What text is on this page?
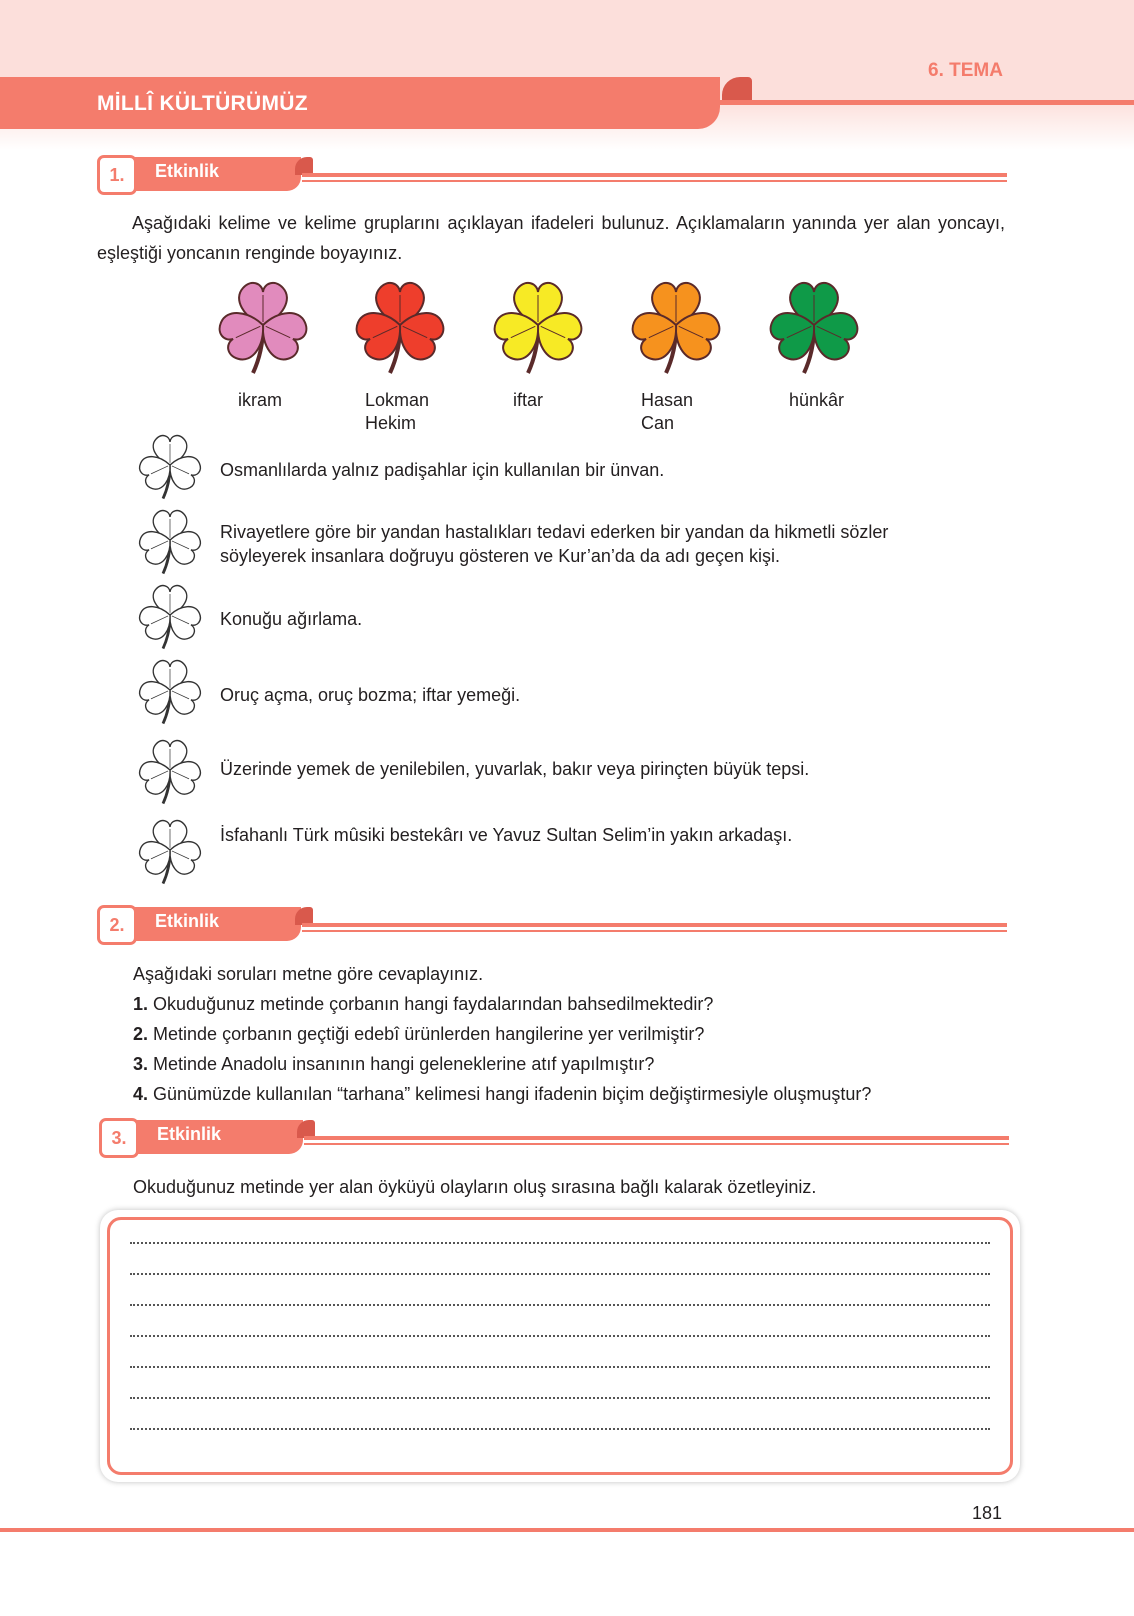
MİLLÎ KÜLTÜRÜMÜZ
6. TEMA
1.	Etkinlik
Aşağıdaki kelime ve kelime gruplarını açıklayan ifadeleri bulunuz. Açıklamaların yanında yer alan yoncayı, eşleştiği yoncanın renginde boyayınız.
2.	Etkinlik
Aşağıdaki soruları metne göre cevaplayınız.
3.	Etkinlik
Okuduğunuz metinde yer alan öyküyü olayların oluş sırasına bağlı kalarak özetleyiniz.
181
ikram	Lokman
Hekim
iftar	Hasan
Can
hünkâr
Osmanlılarda yalnız padişahlar için kullanılan bir ünvan.
Rivayetlere göre bir yandan hastalıkları tedavi ederken bir yandan da hikmetli sözler söyleyerek insanlara doğruyu gösteren ve Kur’an’da da adı geçen kişi.
Konuğu ağırlama.
Oruç açma, oruç bozma; iftar yemeği.
Üzerinde yemek de yenilebilen, yuvarlak, bakır veya pirinçten büyük tepsi.
İsfahanlı Türk mûsiki bestekârı ve Yavuz Sultan Selim’in yakın arkadaşı.
1. Okuduğunuz metinde çorbanın hangi faydalarından bahsedilmektedir?
2. Metinde çorbanın geçtiği edebî ürünlerden hangilerine yer verilmiştir?
3. Metinde Anadolu insanının hangi geleneklerine atıf yapılmıştır?
4. Günümüzde kullanılan “tarhana” kelimesi hangi ifadenin biçim değiştirmesiyle oluşmuştur?
